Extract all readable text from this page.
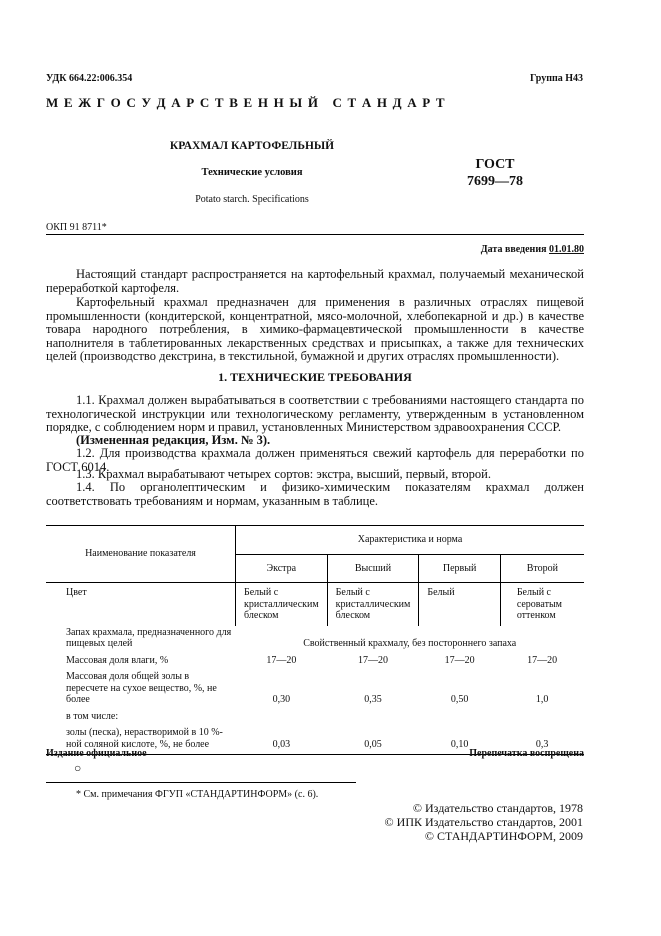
УДК 664.22:006.354	Группа Н43
М Е Ж Г О С У Д А Р С Т В Е Н Н Ы Й   С Т А Н Д А Р Т
КРАХМАЛ КАРТОФЕЛЬНЫЙ
Технические условия
Potato starch. Specifications
ГОСТ
7699—78
ОКП 91 8711*
Дата введения 01.01.80

Настоящий стандарт распространяется на картофельный крахмал, получаемый механической переработкой картофеля.

Картофельный крахмал предназначен для применения в различных отраслях пищевой промышленности (кондитерской, концентратной, мясо-молочной, хлебопекарной и др.) в качестве товара народного потребления, в химико-фармацевтической промышленности в качестве наполнителя в таблетированных лекарственных средствах и присыпках, а также для технических целей (производство декстрина, в текстильной, бумажной и других отраслях промышленности).

1. ТЕХНИЧЕСКИЕ ТРЕБОВАНИЯ

1.1. Крахмал должен вырабатываться в соответствии с требованиями настоящего стандарта по технологической инструкции или технологическому регламенту, утвержденным в установленном порядке, с соблюдением норм и правил, установленных Министерством здравоохранения СССР.

(Измененная редакция, Изм. № 3).

1.2. Для производства крахмала должен применяться свежий картофель для переработки по ГОСТ 6014.

1.3. Крахмал вырабатывают четырех сортов: экстра, высший, первый, второй.

1.4. По органолептическим и физико-химическим показателям крахмал должен соответствовать требованиям и нормам, указанным в таблице.

Наименование показателя	Характеристика и норма			
	Экстра	Высший	Первый	Второй
Цвет	Белый с кристаллическим блеском	Белый с кристаллическим блеском	Белый	Белый с сероватым оттенком
Запах крахмала, предназначенного для пищевых целей	Свойственный крахмалу, без постороннего запаха			
Массовая доля влаги, %	17—20	17—20	17—20	17—20
Массовая доля общей золы в пересчете на сухое вещество, %, не более	0,30	0,35	0,50	1,0
в том числе:				
золы (песка), нерастворимой в 10 %-ной соляной кислоте, %, не более	0,03	0,05	0,10	0,3
Издание официальное
○
Перепечатка воспрещена
* См. примечания ФГУП «СТАНДАРТИНФОРМ» (с. 6).
© Издательство стандартов, 1978
© ИПК Издательство стандартов, 2001
© СТАНДАРТИНФОРМ, 2009
